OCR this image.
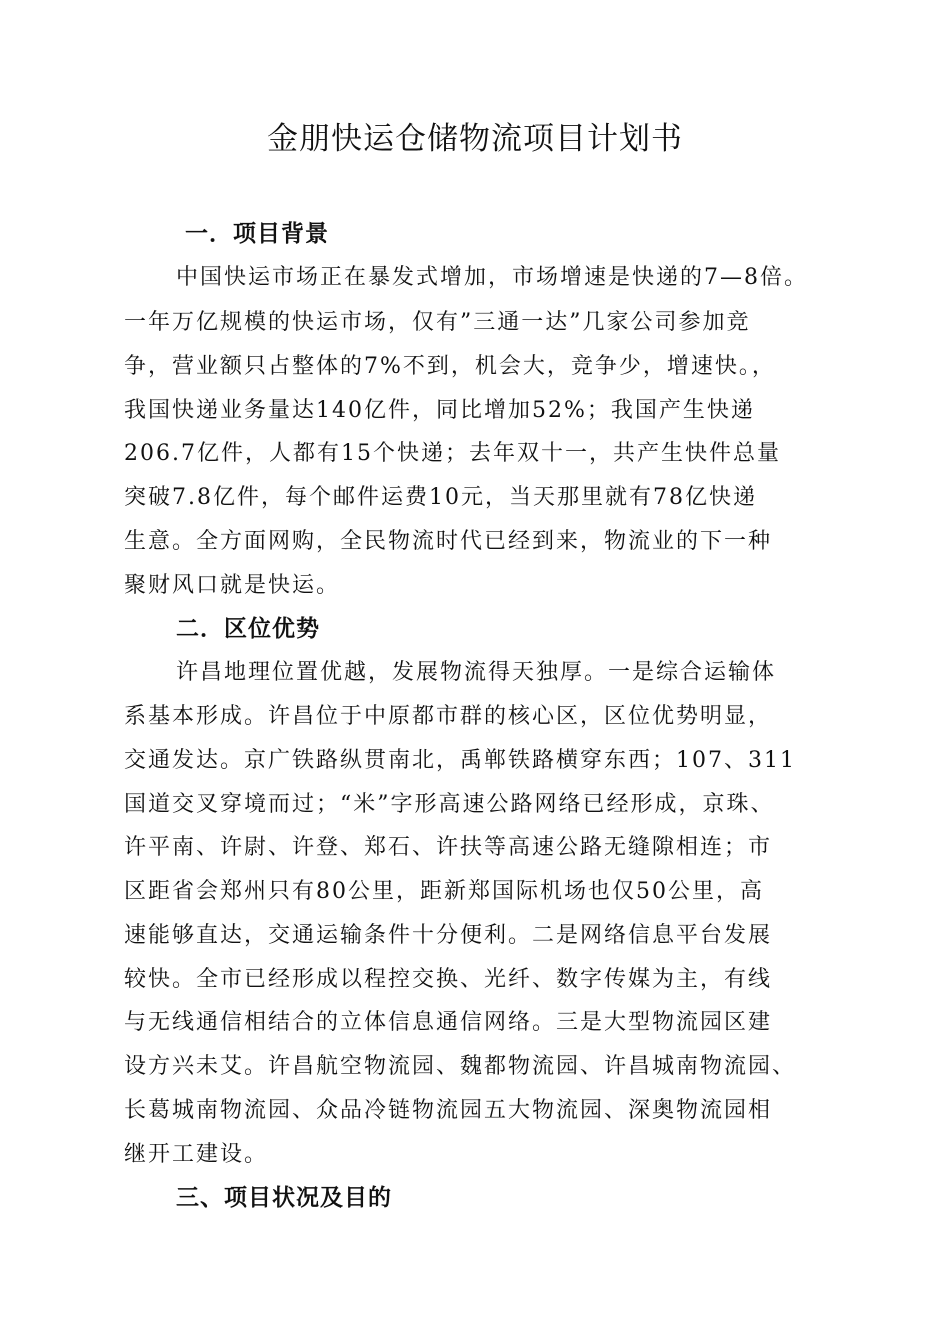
金朋快运仓储物流项目计划书
一．项目背景
中国快运市场正在暴发式增加，市场增速是快递的7—8倍。
一年万亿规模的快运市场，仅有”三通一达”几家公司参加竞
争，营业额只占整体的7%不到，机会大，竞争少，增速快。，
我国快递业务量达140亿件，同比增加52%；我国产生快递
206.7亿件，人都有15个快递；去年双十一，共产生快件总量
突破7.8亿件，每个邮件运费10元，当天那里就有78亿快递
生意。全方面网购，全民物流时代已经到来，物流业的下一种
聚财风口就是快运。
二．区位优势
许昌地理位置优越，发展物流得天独厚。一是综合运输体
系基本形成。许昌位于中原都市群的核心区，区位优势明显，
交通发达。京广铁路纵贯南北，禹郸铁路横穿东西；107、311
国道交叉穿境而过；“米”字形高速公路网络已经形成，京珠、
许平南、许尉、许登、郑石、许扶等高速公路无缝隙相连；市
区距省会郑州只有80公里，距新郑国际机场也仅50公里，高
速能够直达，交通运输条件十分便利。二是网络信息平台发展
较快。全市已经形成以程控交换、光纤、数字传媒为主，有线
与无线通信相结合的立体信息通信网络。三是大型物流园区建
设方兴未艾。许昌航空物流园、魏都物流园、许昌城南物流园、
长葛城南物流园、众品冷链物流园五大物流园、深奥物流园相
继开工建设。
三、项目状况及目的
